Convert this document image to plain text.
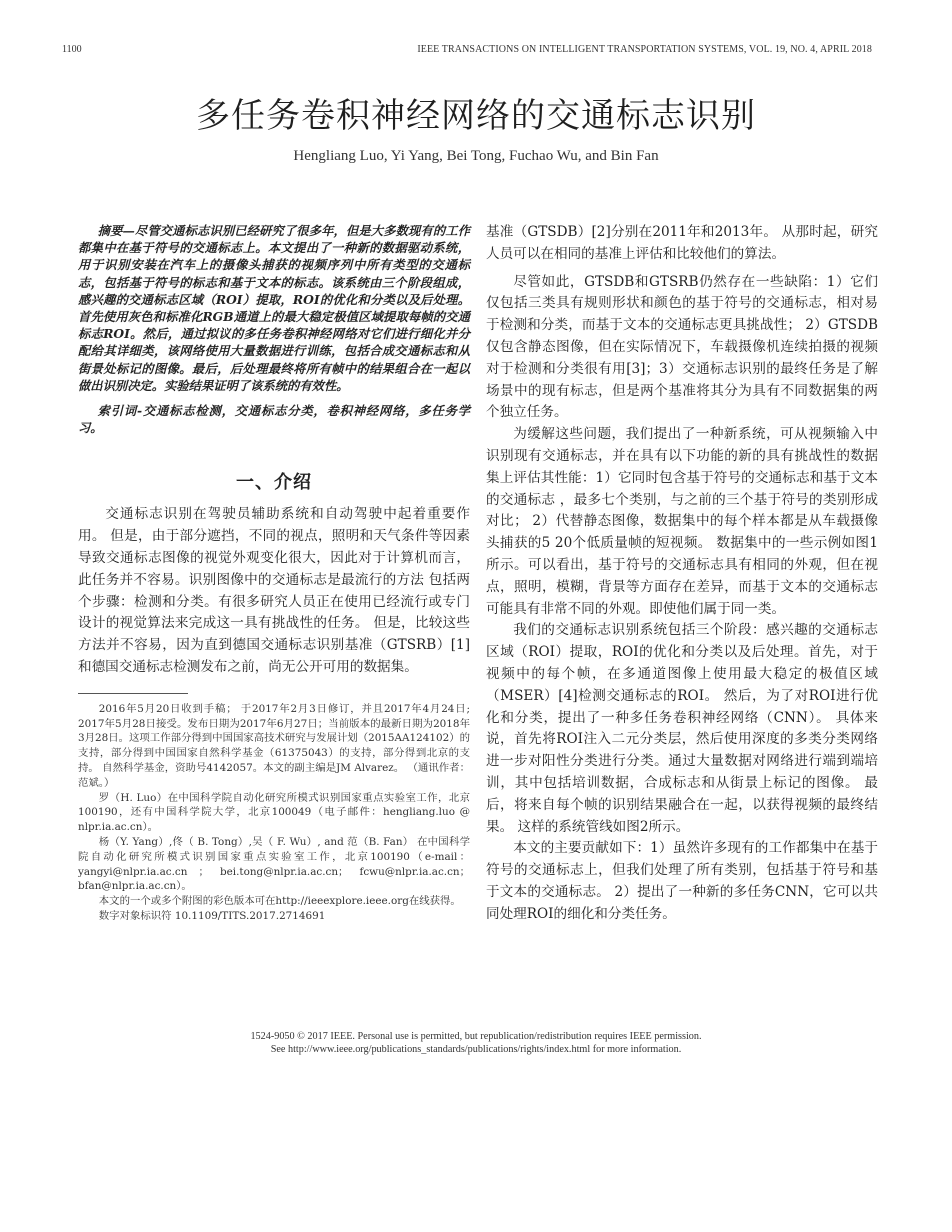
1100	IEEE TRANSACTIONS ON INTELLIGENT TRANSPORTATION SYSTEMS, VOL. 19, NO. 4, APRIL 2018
多任务卷积神经网络的交通标志识别
Hengliang Luo, Yi Yang, Bei Tong, Fuchao Wu, and Bin Fan

摘要—尽管交通标志识别已经研究了很多年，但是大多数现有的工作都集中在基于符号的交通标志上。本文提出了一种新的数据驱动系统，用于识别安装在汽车上的摄像头捕获的视频序列中所有类型的交通标志，包括基于符号的标志和基于文本的标志。该系统由三个阶段组成，感兴趣的交通标志区域（ROI）提取，ROI的优化和分类以及后处理。首先使用灰色和标准化RGB通道上的最大稳定极值区域提取每帧的交通标志ROI。然后，通过拟议的多任务卷积神经网络对它们进行细化并分配给其详细类，该网络使用大量数据进行训练，包括合成交通标志和从街景处标记的图像。最后，后处理最终将所有帧中的结果组合在一起以做出识别决定。实验结果证明了该系统的有效性。

索引词-交通标志检测，交通标志分类，卷积神经网络，多任务学习。

一、介绍

交通标志识别在驾驶员辅助系统和自动驾驶中起着重要作用。 但是，由于部分遮挡，不同的视点，照明和天气条件等因素导致交通标志图像的视觉外观变化很大，因此对于计算机而言，此任务并不容易。识别图像中的交通标志是最流行的方法 包括两个步骤：检测和分类。有很多研究人员正在使用已经流行或专门设计的视觉算法来完成这一具有挑战性的任务。 但是，比较这些方法并不容易，因为直到德国交通标志识别基准（GTSRB）[1]和德国交通标志检测发布之前，尚无公开可用的数据集。

2016年5月20日收到手稿； 于2017年2月3日修订，并且2017年4月24日; 2017年5月28日接受。发布日期为2017年6月27日；当前版本的最新日期为2018年3月28日。这项工作部分得到中国国家高技术研究与发展计划（2015AA124102）的支持，部分得到中国国家自然科学基金（61375043）的支持，部分得到北京的支持。 自然科学基金，资助号4142057。本文的副主编是JM Alvarez。 （通讯作者：范斌。）

罗（H. Luo）在中国科学院自动化研究所模式识别国家重点实验室工作，北京100190，还有中国科学院大学，北京100049（电子邮件：hengliang.luo @ nlpr.ia.ac.cn）。

杨（Y. Yang）,佟（ B. Tong）,吴（ F. Wu）, and 范（B. Fan） 在中国科学院自动化研究所模式识别国家重点实验室工作，北京100190（e-mail：yangyi@nlpr.ia.ac.cn ； bei.tong@nlpr.ia.ac.cn； fcwu@nlpr.ia.ac.cn；bfan@nlpr.ia.ac.cn）。

本文的一个或多个附图的彩色版本可在http://ieeexplore.ieee.org在线获得。

数字对象标识符 10.1109/TITS.2017.2714691

基准（GTSDB）[2]分别在2011年和2013年。 从那时起，研究人员可以在相同的基准上评估和比较他们的算法。

尽管如此，GTSDB和GTSRB仍然存在一些缺陷：1）它们仅包括三类具有规则形状和颜色的基于符号的交通标志，相对易于检测和分类，而基于文本的交通标志更具挑战性； 2）GTSDB仅包含静态图像，但在实际情况下，车载摄像机连续拍摄的视频对于检测和分类很有用[3]；3）交通标志识别的最终任务是了解场景中的现有标志，但是两个基准将其分为具有不同数据集的两个独立任务。

为缓解这些问题，我们提出了一种新系统，可从视频输入中识别现有交通标志，并在具有以下功能的新的具有挑战性的数据集上评估其性能：1）它同时包含基于符号的交通标志和基于文本的交通标志 ，最多七个类别，与之前的三个基于符号的类别形成对比； 2）代替静态图像，数据集中的每个样本都是从车载摄像头捕获的5 20个低质量帧的短视频。 数据集中的一些示例如图1所示。可以看出，基于符号的交通标志具有相同的外观，但在视点，照明，模糊，背景等方面存在差异，而基于文本的交通标志可能具有非常不同的外观。即使他们属于同一类。

我们的交通标志识别系统包括三个阶段：感兴趣的交通标志区域（ROI）提取，ROI的优化和分类以及后处理。首先，对于视频中的每个帧，在多通道图像上使用最大稳定的极值区域（MSER）[4]检测交通标志的ROI。 然后，为了对ROI进行优化和分类，提出了一种多任务卷积神经网络（CNN）。 具体来说，首先将ROI注入二元分类层，然后使用深度的多类分类网络进一步对阳性分类进行分类。通过大量数据对网络进行端到端培训，其中包括培训数据，合成标志和从街景上标记的图像。 最后，将来自每个帧的识别结果融合在一起，以获得视频的最终结果。 这样的系统管线如图2所示。

本文的主要贡献如下：1）虽然许多现有的工作都集中在基于符号的交通标志上，但我们处理了所有类别，包括基于符号和基于文本的交通标志。 2）提出了一种新的多任务CNN，它可以共同处理ROI的细化和分类任务。

1524-9050 © 2017 IEEE. Personal use is permitted, but republication/redistribution requires IEEE permission.
See http://www.ieee.org/publications_standards/publications/rights/index.html for more information.
